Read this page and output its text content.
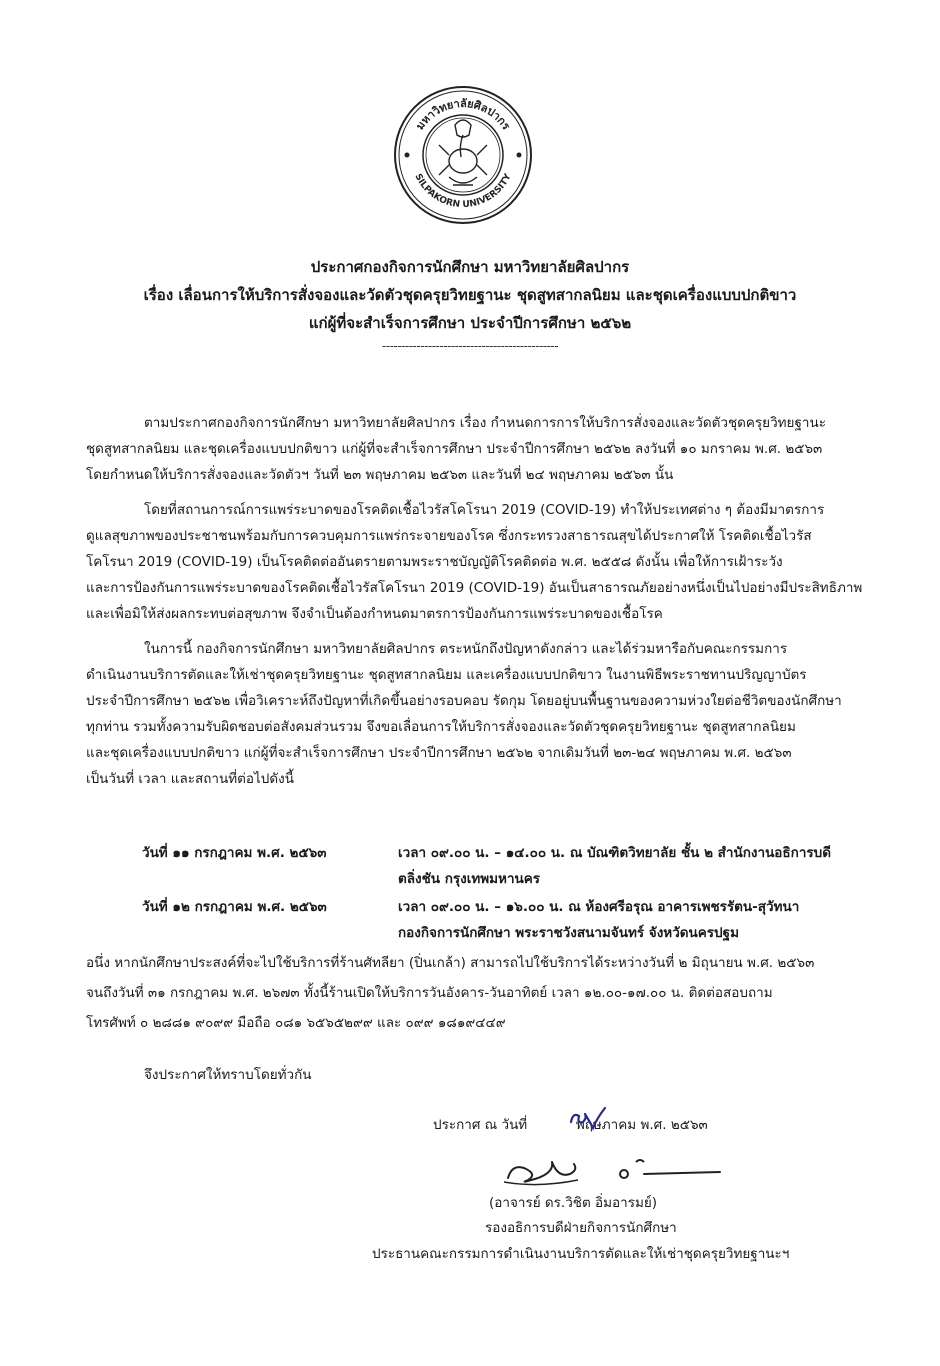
มหาวิทยาลัยศิลปากร
SILPAKORN UNIVERSITY
ประกาศกองกิจการนักศึกษา มหาวิทยาลัยศิลปากร
เรื่อง เลื่อนการให้บริการสั่งจองและวัดตัวชุดครุยวิทยฐานะ ชุดสูทสากลนิยม และชุดเครื่องแบบปกติขาว
แก่ผู้ที่จะสำเร็จการศึกษา ประจำปีการศึกษา ๒๕๖๒
----------------------------------------------
ตามประกาศกองกิจการนักศึกษา มหาวิทยาลัยศิลปากร เรื่อง กำหนดการการให้บริการสั่งจองและวัดตัวชุดครุยวิทยฐานะ
ชุดสูทสากลนิยม และชุดเครื่องแบบปกติขาว แก่ผู้ที่จะสำเร็จการศึกษา ประจำปีการศึกษา ๒๕๖๒ ลงวันที่ ๑๐ มกราคม พ.ศ. ๒๕๖๓
โดยกำหนดให้บริการสั่งจองและวัดตัวฯ วันที่ ๒๓ พฤษภาคม ๒๕๖๓ และวันที่ ๒๔ พฤษภาคม ๒๕๖๓ นั้น
โดยที่สถานการณ์การแพร่ระบาดของโรคติดเชื้อไวรัสโคโรนา 2019 (COVID-19) ทำให้ประเทศต่าง ๆ ต้องมีมาตรการ
ดูแลสุขภาพของประชาชนพร้อมกับการควบคุมการแพร่กระจายของโรค ซึ่งกระทรวงสาธารณสุขได้ประกาศให้ โรคติดเชื้อไวรัส
โคโรนา 2019 (COVID-19) เป็นโรคติดต่ออันตรายตามพระราชบัญญัติโรคติดต่อ พ.ศ. ๒๕๕๘ ดังนั้น เพื่อให้การเฝ้าระวัง
และการป้องกันการแพร่ระบาดของโรคติดเชื้อไวรัสโคโรนา 2019 (COVID-19) อันเป็นสาธารณภัยอย่างหนึ่งเป็นไปอย่างมีประสิทธิภาพ
และเพื่อมิให้ส่งผลกระทบต่อสุขภาพ จึงจำเป็นต้องกำหนดมาตรการป้องกันการแพร่ระบาดของเชื้อโรค
ในการนี้ กองกิจการนักศึกษา มหาวิทยาลัยศิลปากร ตระหนักถึงปัญหาดังกล่าว และได้ร่วมหารือกับคณะกรรมการ
ดำเนินงานบริการตัดและให้เช่าชุดครุยวิทยฐานะ ชุดสูทสากลนิยม และเครื่องแบบปกติขาว ในงานพิธีพระราชทานปริญญาบัตร
ประจำปีการศึกษา ๒๕๖๒ เพื่อวิเคราะห์ถึงปัญหาที่เกิดขึ้นอย่างรอบคอบ รัดกุม โดยอยู่บนพื้นฐานของความห่วงใยต่อชีวิตของนักศึกษา
ทุกท่าน รวมทั้งความรับผิดชอบต่อสังคมส่วนรวม จึงขอเลื่อนการให้บริการสั่งจองและวัดตัวชุดครุยวิทยฐานะ ชุดสูทสากลนิยม
และชุดเครื่องแบบปกติขาว แก่ผู้ที่จะสำเร็จการศึกษา ประจำปีการศึกษา ๒๕๖๒ จากเดิมวันที่ ๒๓-๒๔ พฤษภาคม พ.ศ. ๒๕๖๓
เป็นวันที่ เวลา และสถานที่ต่อไปดังนี้
วันที่ ๑๑ กรกฎาคม พ.ศ. ๒๕๖๓	เวลา ๐๙.๐๐ น. – ๑๔.๐๐ น. ณ บัณฑิตวิทยาลัย ชั้น ๒ สำนักงานอธิการบดี
ตลิ่งชัน กรุงเทพมหานคร
วันที่ ๑๒ กรกฎาคม พ.ศ. ๒๕๖๓	เวลา ๐๙.๐๐ น. – ๑๖.๐๐ น. ณ ห้องศรีอรุณ อาคารเพชรรัตน-สุวัทนา
กองกิจการนักศึกษา พระราชวังสนามจันทร์ จังหวัดนครปฐม
อนึ่ง หากนักศึกษาประสงค์ที่จะไปใช้บริการที่ร้านศัทลียา (ปิ่นเกล้า) สามารถไปใช้บริการได้ระหว่างวันที่ ๒ มิถุนายน พ.ศ. ๒๕๖๓
จนถึงวันที่ ๓๑ กรกฎาคม พ.ศ. ๒๖๗๓ ทั้งนี้ร้านเปิดให้บริการวันอังคาร-วันอาทิตย์ เวลา ๑๒.๐๐-๑๗.๐๐ น. ติดต่อสอบถาม
โทรศัพท์ ๐ ๒๘๘๑ ๙๐๙๙ มือถือ ๐๘๑ ๖๕๖๕๒๙๙ และ ๐๙๙ ๑๘๑๙๔๔๙
จึงประกาศให้ทราบโดยทั่วกัน
ประกาศ ณ วันที่	พฤษภาคม พ.ศ. ๒๕๖๓
(อาจารย์ ดร.วิชิต อิ่มอารมย์)
รองอธิการบดีฝ่ายกิจการนักศึกษา
ประธานคณะกรรมการดำเนินงานบริการตัดและให้เช่าชุดครุยวิทยฐานะฯ
